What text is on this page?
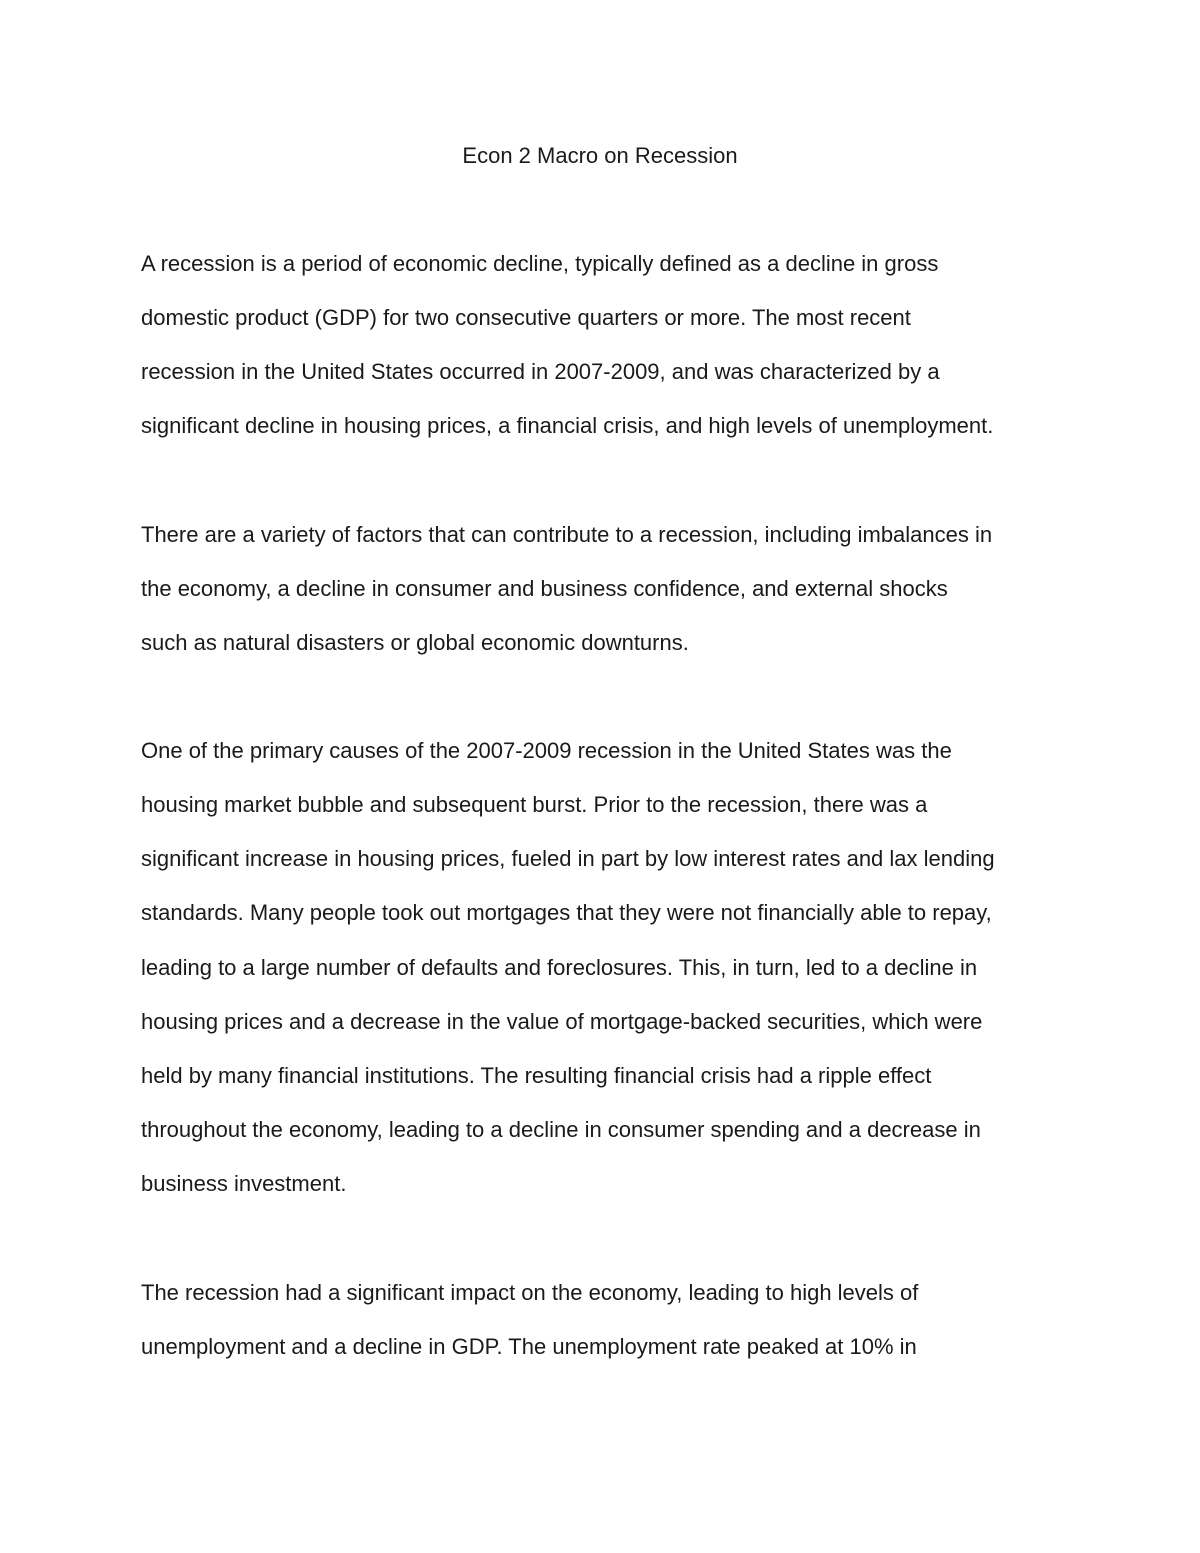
Econ 2 Macro on Recession
A recession is a period of economic decline, typically defined as a decline in gross
domestic product (GDP) for two consecutive quarters or more. The most recent
recession in the United States occurred in 2007-2009, and was characterized by a
significant decline in housing prices, a financial crisis, and high levels of unemployment.
There are a variety of factors that can contribute to a recession, including imbalances in
the economy, a decline in consumer and business confidence, and external shocks
such as natural disasters or global economic downturns.
One of the primary causes of the 2007-2009 recession in the United States was the
housing market bubble and subsequent burst. Prior to the recession, there was a
significant increase in housing prices, fueled in part by low interest rates and lax lending
standards. Many people took out mortgages that they were not financially able to repay,
leading to a large number of defaults and foreclosures. This, in turn, led to a decline in
housing prices and a decrease in the value of mortgage-backed securities, which were
held by many financial institutions. The resulting financial crisis had a ripple effect
throughout the economy, leading to a decline in consumer spending and a decrease in
business investment.
The recession had a significant impact on the economy, leading to high levels of
unemployment and a decline in GDP. The unemployment rate peaked at 10% in
